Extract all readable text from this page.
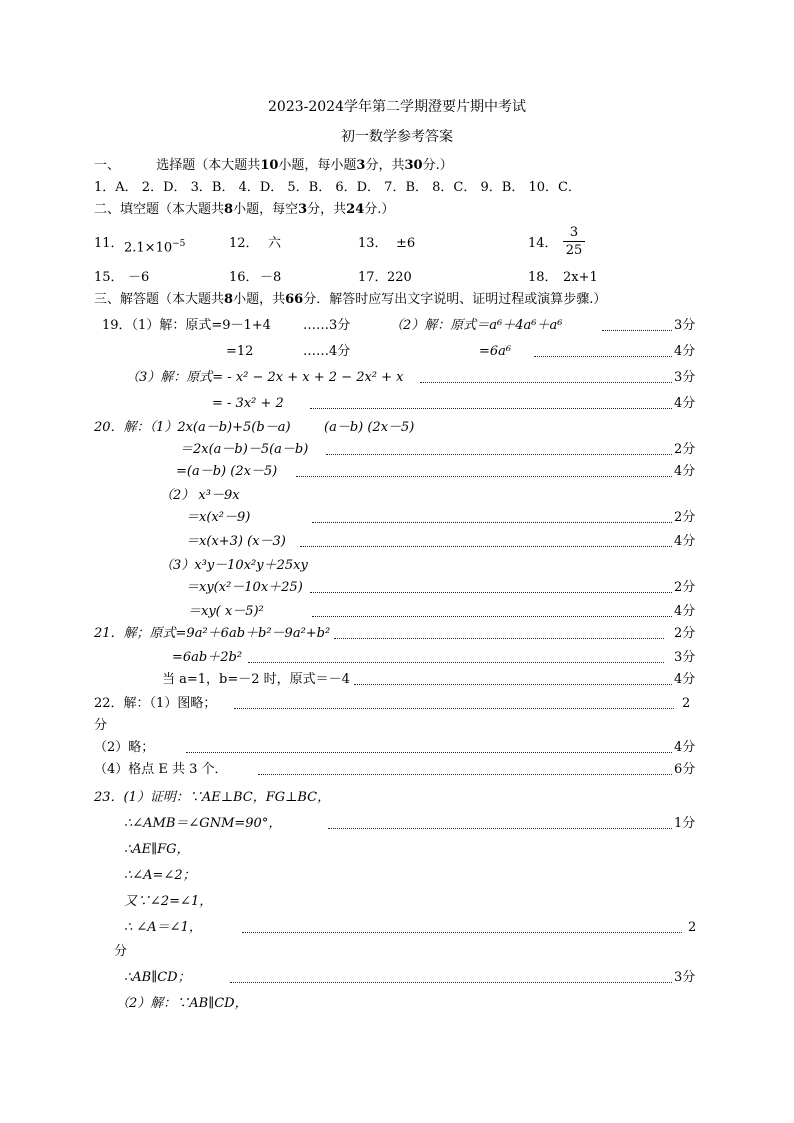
2023-2024学年第二学期澄要片期中考试
初一数学参考答案
一、	选择题（本大题共10小题，每小题3分，共30分.）
1．A． 2．D． 3．B． 4．D． 5．B． 6．D． 7．B． 8．C． 9．B． 10．C．
二、填空题（本大题共8小题，每空3分，共24分.）
11． $2.1\times 10^{-5}$	12． 六	13． ±6	14． $\frac{3}{25}$
15． －6	16． －8	17． 220	18． 2x+1
三、解答题（本大题共8小题，共66分．解答时应写出文字说明、证明过程或演算步骤.）
19．（1）解：原式=9－1+4 ……3分	（2）解：原式＝a⁶＋4a⁶＋a⁶	3分
=12	……4分	=6a⁶	4分
（3）解：原式= - x² − 2x + x + 2 − 2x² + x	3分
= - 3x² + 2	4分
20．解：（1）2x(a－b)+5(b－a)	(a－b) (2x－5)
＝2x(a－b)－5(a－b)	2分
=(a－b) (2x－5)	4分
（2） x³－9x
＝x(x²－9)	2分
＝x(x+3) (x－3)	4分
（3）x³y－10x²y＋25xy
＝xy(x²－10x＋25)	2分
＝xy( x－5)²	4分
21．解；原式=9a²＋6ab＋b²－9a²+b²	2分
=6ab＋2b²	3分
当 a=1，b=－2 时，原式＝－4	4分
22．解：（1）图略；	2
分
（2）略；	4分
（4）格点 E 共 3 个．	6分
23．(1）证明：∵AE⊥BC，FG⊥BC，
∴∠AMB＝∠GNM=90°，	1分
∴AE∥FG，
∴∠A=∠2；
又∵∠2=∠1，
∴ ∠A＝∠1，	2
分
∴AB∥CD；	3分
（2）解：∵AB∥CD，
